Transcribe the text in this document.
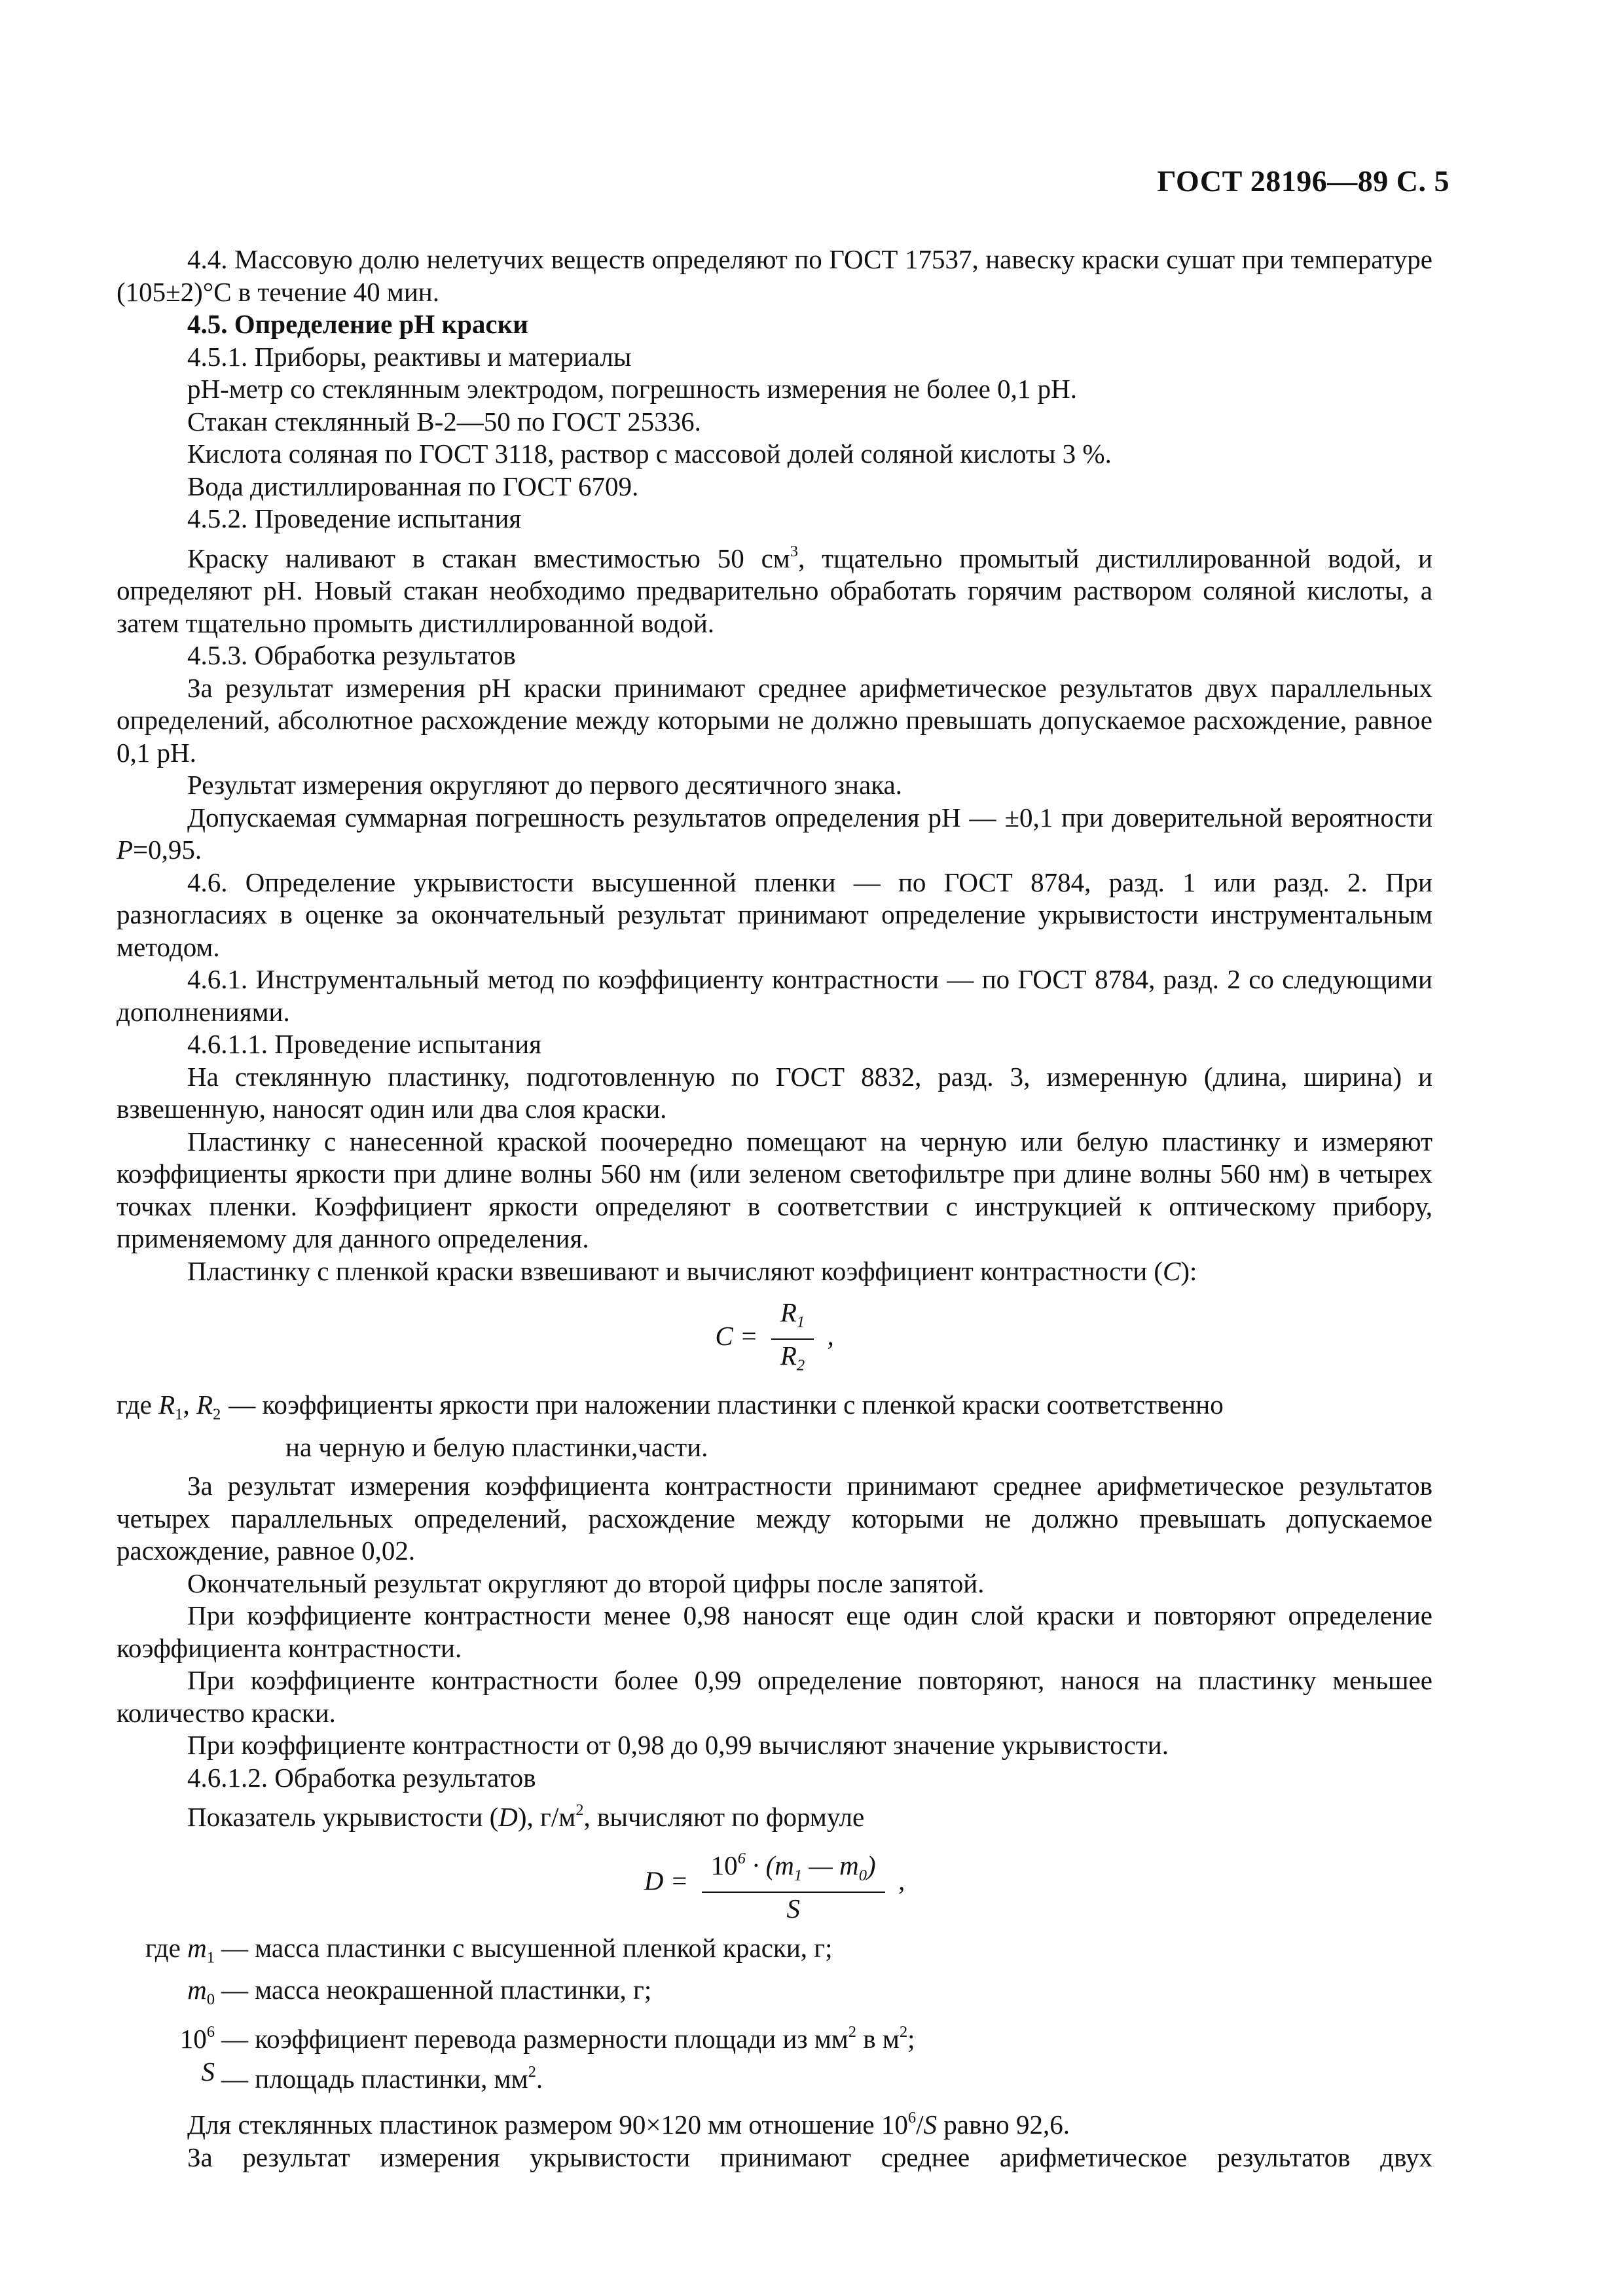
ГОСТ 28196—89 С. 5

4.4. Массовую долю нелетучих веществ определяют по ГОСТ 17537, навеску краски сушат при температуре (105±2)°С в течение 40 мин.

4.5. Определение рН краски

4.5.1. Приборы, реактивы и материалы

рН-метр со стеклянным электродом, погрешность измерения не более 0,1 рН.

Стакан стеклянный В-2—50 по ГОСТ 25336.

Кислота соляная по ГОСТ 3118, раствор с массовой долей соляной кислоты 3 %.

Вода дистиллированная по ГОСТ 6709.

4.5.2. Проведение испытания

Краску наливают в стакан вместимостью 50 $см^3$, тщательно промытый дистиллированной водой, и определяют рН. Новый стакан необходимо предварительно обработать горячим раствором соляной кислоты, а затем тщательно промыть дистиллированной водой.

4.5.3. Обработка результатов

За результат измерения рН краски принимают среднее арифметическое результатов двух параллельных определений, абсолютное расхождение между которыми не должно превышать допускаемое расхождение, равное 0,1 рН.

Результат измерения округляют до первого десятичного знака.

Допускаемая суммарная погрешность результатов определения рН — ±0,1 при доверительной вероятности P=0,95.

4.6. Определение укрывистости высушенной пленки — по ГОСТ 8784, разд. 1 или разд. 2. При разногласиях в оценке за окончательный результат принимают определение укрывистости инструментальным методом.

4.6.1. Инструментальный метод по коэффициенту контрастности — по ГОСТ 8784, разд. 2 со следующими дополнениями.

4.6.1.1. Проведение испытания

На стеклянную пластинку, подготовленную по ГОСТ 8832, разд. 3, измеренную (длина, ширина) и взвешенную, наносят один или два слоя краски.

Пластинку с нанесенной краской поочередно помещают на черную или белую пластинку и измеряют коэффициенты яркости при длине волны 560 нм (или зеленом светофильтре при длине волны 560 нм) в четырех точках пленки. Коэффициент яркости определяют в соответствии с инструкцией к оптическому прибору, применяемому для данного определения.

Пластинку с пленкой краски взвешивают и вычисляют коэффициент контрастности (C):

$C = \frac{R_1}{R_2}$ ,
где $R_1$, $R_2$ — коэффициенты яркости при наложении пластинки с пленкой краски соответственно
на черную и белую пластинки,части.

За результат измерения коэффициента контрастности принимают среднее арифметическое результатов четырех параллельных определений, расхождение между которыми не должно превышать допускаемое расхождение, равное 0,02.

Окончательный результат округляют до второй цифры после запятой.

При коэффициенте контрастности менее 0,98 наносят еще один слой краски и повторяют определение коэффициента контрастности.

При коэффициенте контрастности более 0,99 определение повторяют, нанося на пластинку меньшее количество краски.

При коэффициенте контрастности от 0,98 до 0,99 вычисляют значение укрывистости.

4.6.1.2. Обработка результатов

Показатель укрывистости (D), $г/м^2$, вычисляют по формуле

$D = \frac{10^6 \cdot (m_1 — m_0)}{S}$ ,
где $m_1$ — масса пластинки с высушенной пленкой краски, г;
$m_0$ — масса неокрашенной пластинки, г;
$10^6$ — коэффициент перевода размерности площади из $мм^2$ в $м^2$;
S — площадь пластинки, $мм^2$.

Для стеклянных пластинок размером 90×120 мм отношение $10^6/S$ равно 92,6.

За результат измерения укрывистости принимают среднее арифметическое результатов двух
